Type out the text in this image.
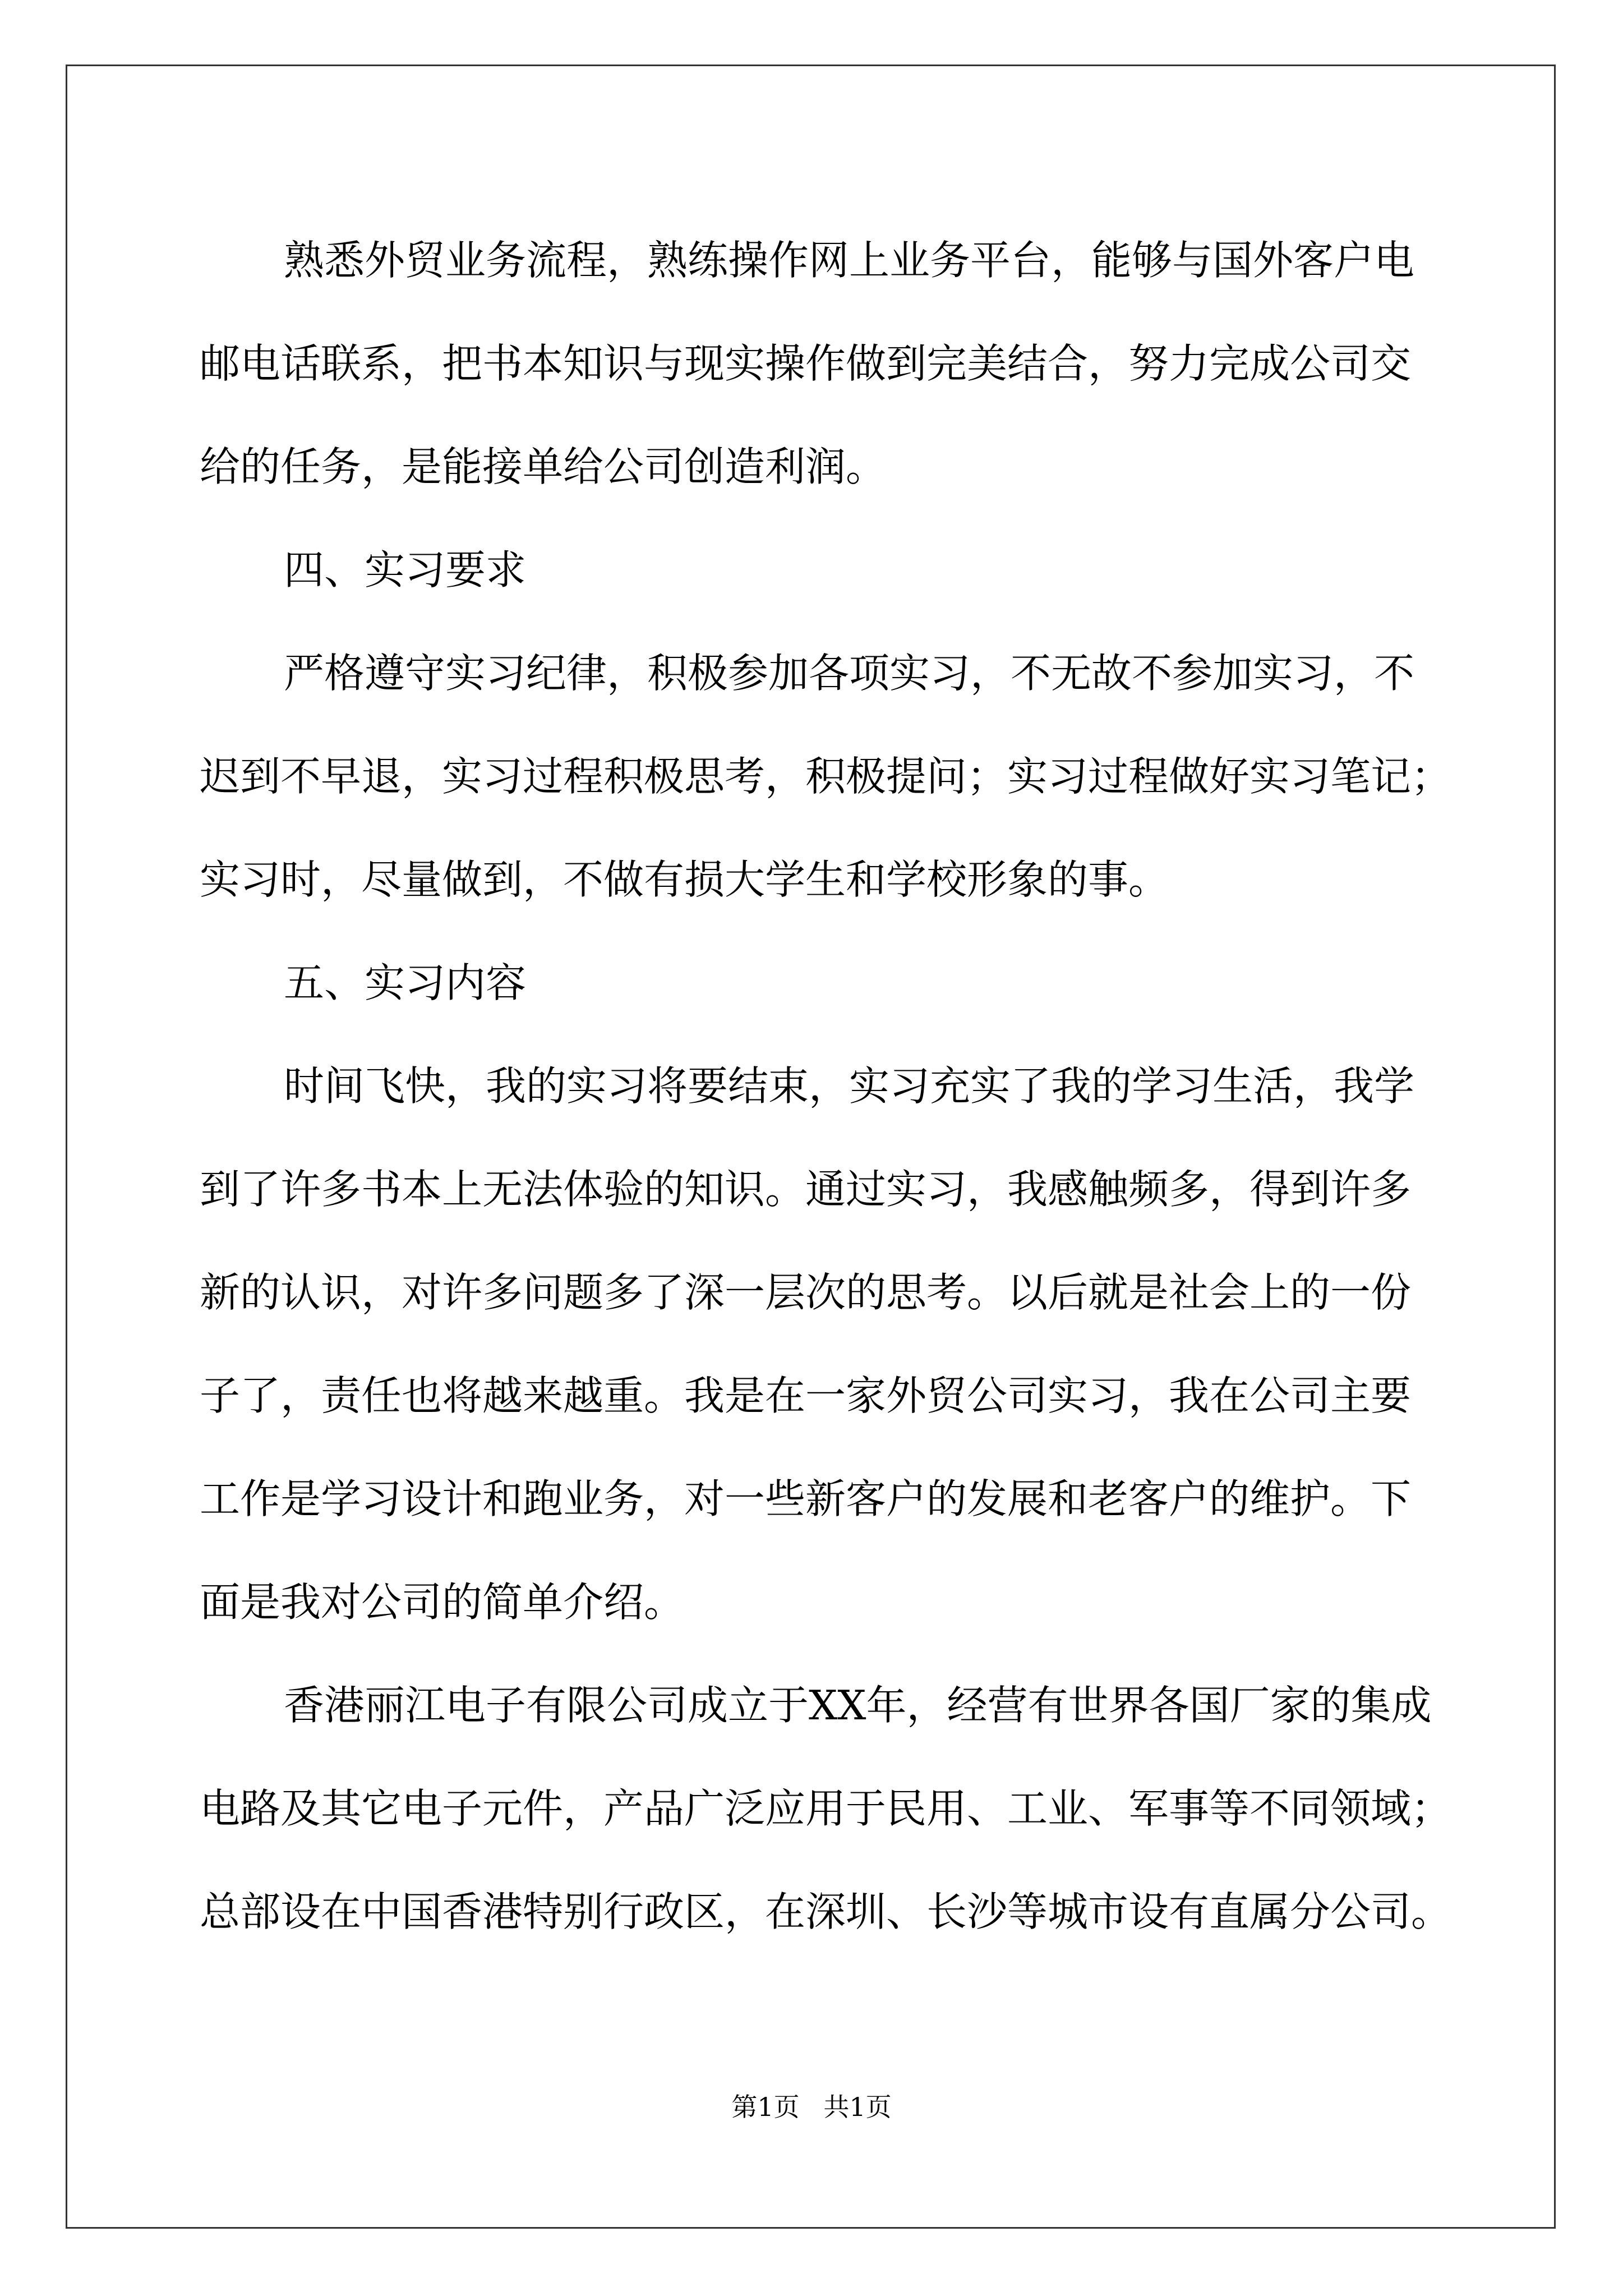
熟悉外贸业务流程，熟练操作网上业务平台，能够与国外客户电
邮电话联系，把书本知识与现实操作做到完美结合，努力完成公司交
给的任务，是能接单给公司创造利润。
四、实习要求
严格遵守实习纪律，积极参加各项实习，不无故不参加实习，不
迟到不早退，实习过程积极思考，积极提问；实习过程做好实习笔记；
实习时，尽量做到，不做有损大学生和学校形象的事。
五、实习内容
时间飞快，我的实习将要结束，实习充实了我的学习生活，我学
到了许多书本上无法体验的知识。通过实习，我感触频多，得到许多
新的认识，对许多问题多了深一层次的思考。以后就是社会上的一份
子了，责任也将越来越重。我是在一家外贸公司实习，我在公司主要
工作是学习设计和跑业务，对一些新客户的发展和老客户的维护。下
面是我对公司的简单介绍。
香港丽江电子有限公司成立于XX年，经营有世界各国厂家的集成
电路及其它电子元件，产品广泛应用于民用、工业、军事等不同领域；
总部设在中国香港特别行政区，在深圳、长沙等城市设有直属分公司。
第1页 共1页
